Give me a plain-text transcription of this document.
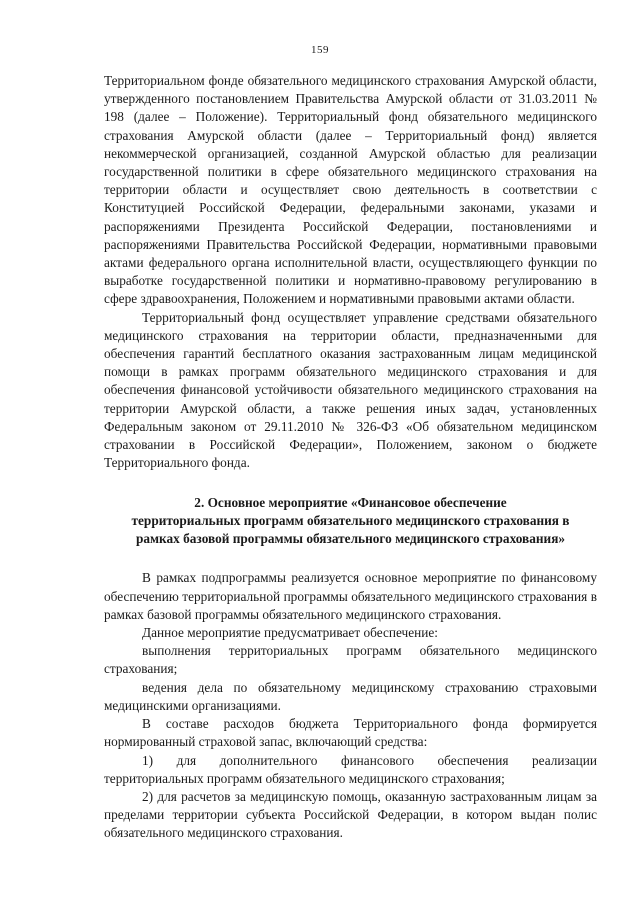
159

Территориальном фонде обязательного медицинского страхования Амурской области, утвержденного постановлением Правительства Амурской области от 31.03.2011 № 198 (далее – Положение). Территориальный фонд обязательного медицинского страхования Амурской области (далее – Территориальный фонд) является некоммерческой организацией, созданной Амурской областью для реализации государственной политики в сфере обязательного медицинского страхования на территории области и осуществляет свою деятельность в соответствии с Конституцией Российской Федерации, федеральными законами, указами и распоряжениями Президента Российской Федерации, постановлениями и распоряжениями Правительства Российской Федерации, нормативными правовыми актами федерального органа исполнительной власти, осуществляющего функции по выработке государственной политики и нормативно-правовому регулированию в сфере здравоохранения, Положением и нормативными правовыми актами области.

Территориальный фонд осуществляет управление средствами обязательного медицинского страхования на территории области, предназначенными для обеспечения гарантий бесплатного оказания застрахованным лицам медицинской помощи в рамках программ обязательного медицинского страхования и для обеспечения финансовой устойчивости обязательного медицинского страхования на территории Амурской области, а также решения иных задач, установленных Федеральным законом от 29.11.2010 № 326-ФЗ «Об обязательном медицинском страховании в Российской Федерации», Положением, законом о бюджете Территориального фонда.

2. Основное мероприятие «Финансовое обеспечение
территориальных программ обязательного медицинского страхования в
рамках базовой программы обязательного медицинского страхования»

В рамках подпрограммы реализуется основное мероприятие по финансовому обеспечению территориальной программы обязательного медицинского страхования в рамках базовой программы обязательного медицинского страхования.

Данное мероприятие предусматривает обеспечение:

выполнения территориальных программ обязательного медицинского страхования;

ведения дела по обязательному медицинскому страхованию страховыми медицинскими организациями.

В составе расходов бюджета Территориального фонда формируется нормированный страховой запас, включающий средства:

1) для дополнительного финансового обеспечения реализации территориальных программ обязательного медицинского страхования;

2) для расчетов за медицинскую помощь, оказанную застрахованным лицам за пределами территории субъекта Российской Федерации, в котором выдан полис обязательного медицинского страхования.
